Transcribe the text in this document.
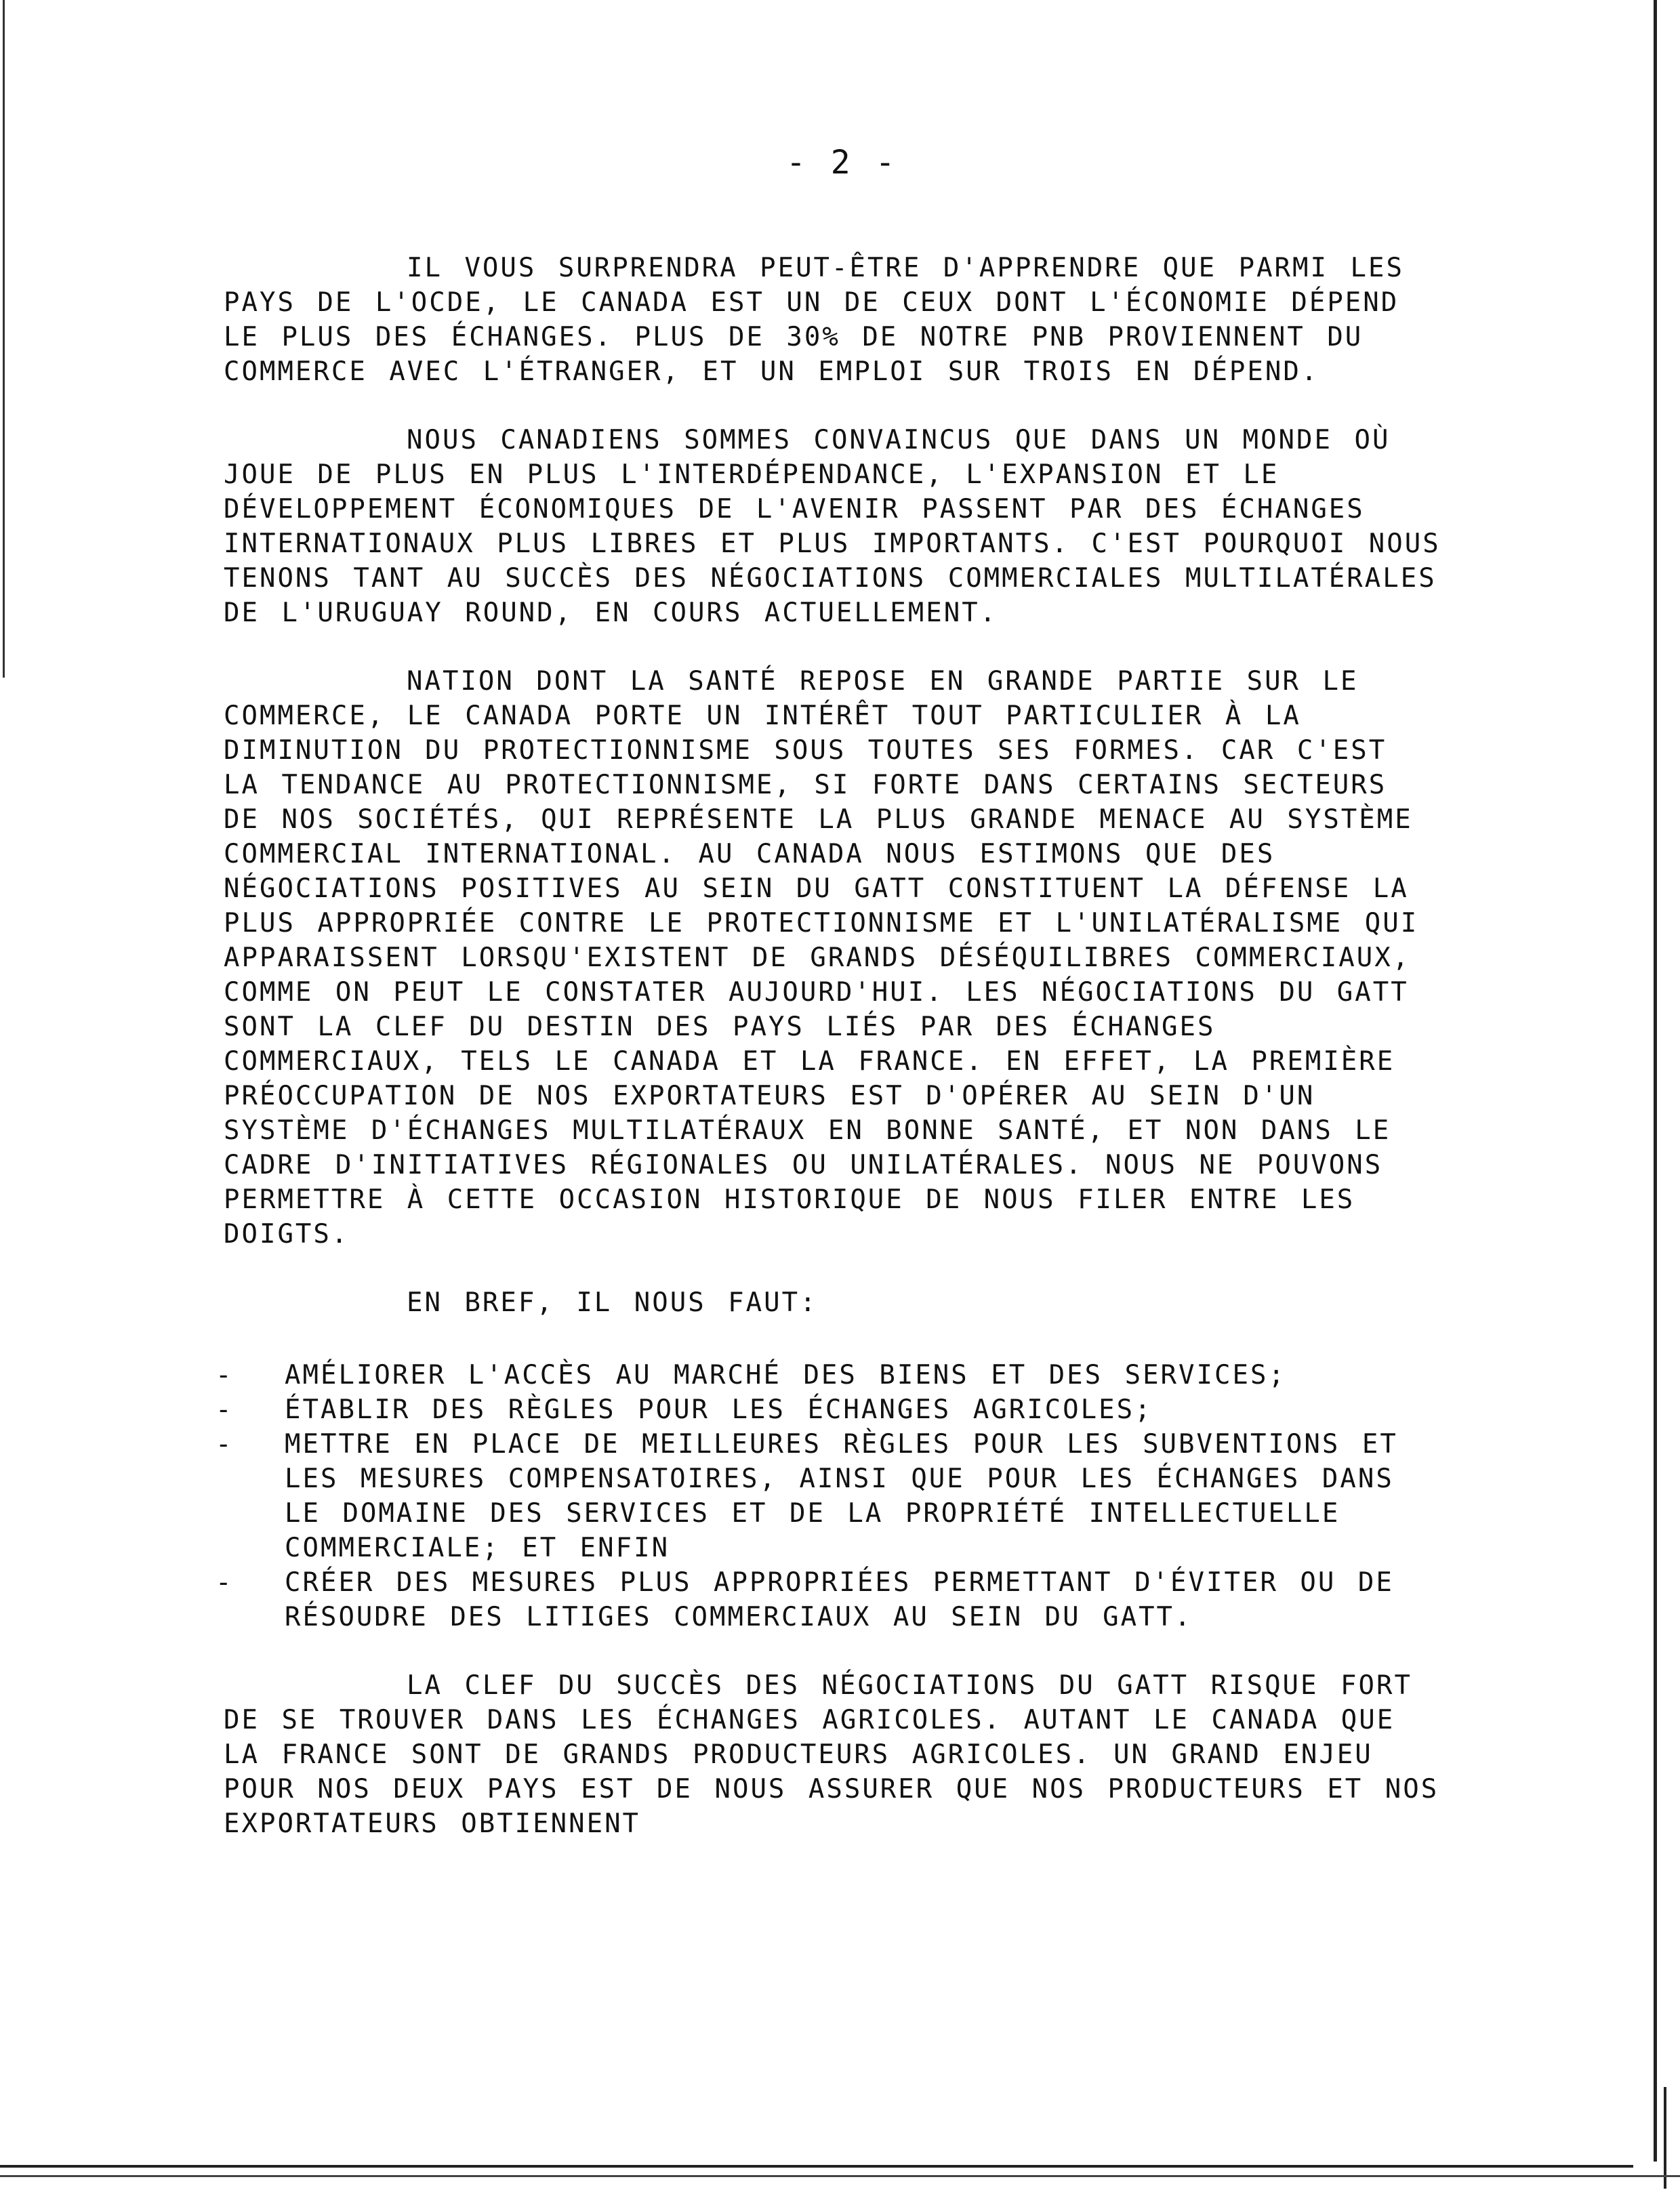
- 2 -

IL VOUS SURPRENDRA PEUT-ÊTRE D'APPRENDRE QUE PARMI LES PAYS DE L'OCDE, LE CANADA EST UN DE CEUX DONT L'ÉCONOMIE DÉPEND LE PLUS DES ÉCHANGES. PLUS DE 30% DE NOTRE PNB PROVIENNENT DU COMMERCE AVEC L'ÉTRANGER, ET UN EMPLOI SUR TROIS EN DÉPEND.

NOUS CANADIENS SOMMES CONVAINCUS QUE DANS UN MONDE OÙ JOUE DE PLUS EN PLUS L'INTERDÉPENDANCE, L'EXPANSION ET LE DÉVELOPPEMENT ÉCONOMIQUES DE L'AVENIR PASSENT PAR DES ÉCHANGES INTERNATIONAUX PLUS LIBRES ET PLUS IMPORTANTS. C'EST POURQUOI NOUS TENONS TANT AU SUCCÈS DES NÉGOCIATIONS COMMERCIALES MULTILATÉRALES DE L'URUGUAY ROUND, EN COURS ACTUELLEMENT.

NATION DONT LA SANTÉ REPOSE EN GRANDE PARTIE SUR LE COMMERCE, LE CANADA PORTE UN INTÉRÊT TOUT PARTICULIER À LA DIMINUTION DU PROTECTIONNISME SOUS TOUTES SES FORMES. CAR C'EST LA TENDANCE AU PROTECTIONNISME, SI FORTE DANS CERTAINS SECTEURS DE NOS SOCIÉTÉS, QUI REPRÉSENTE LA PLUS GRANDE MENACE AU SYSTÈME COMMERCIAL INTERNATIONAL. AU CANADA NOUS ESTIMONS QUE DES NÉGOCIATIONS POSITIVES AU SEIN DU GATT CONSTITUENT LA DÉFENSE LA PLUS APPROPRIÉE CONTRE LE PROTECTIONNISME ET L'UNILATÉRALISME QUI APPARAISSENT LORSQU'EXISTENT DE GRANDS DÉSÉQUILIBRES COMMERCIAUX, COMME ON PEUT LE CONSTATER AUJOURD'HUI. LES NÉGOCIATIONS DU GATT SONT LA CLEF DU DESTIN DES PAYS LIÉS PAR DES ÉCHANGES COMMERCIAUX, TELS LE CANADA ET LA FRANCE. EN EFFET, LA PREMIÈRE PRÉOCCUPATION DE NOS EXPORTATEURS EST D'OPÉRER AU SEIN D'UN SYSTÈME D'ÉCHANGES MULTILATÉRAUX EN BONNE SANTÉ, ET NON DANS LE CADRE D'INITIATIVES RÉGIONALES OU UNILATÉRALES. NOUS NE POUVONS PERMETTRE À CETTE OCCASION HISTORIQUE DE NOUS FILER ENTRE LES DOIGTS.

EN BREF, IL NOUS FAUT:

- AMÉLIORER L'ACCÈS AU MARCHÉ DES BIENS ET DES SERVICES;
- ÉTABLIR DES RÈGLES POUR LES ÉCHANGES AGRICOLES;
- METTRE EN PLACE DE MEILLEURES RÈGLES POUR LES SUBVENTIONS ET LES MESURES COMPENSATOIRES, AINSI QUE POUR LES ÉCHANGES DANS LE DOMAINE DES SERVICES ET DE LA PROPRIÉTÉ INTELLECTUELLE COMMERCIALE; ET ENFIN
- CRÉER DES MESURES PLUS APPROPRIÉES PERMETTANT D'ÉVITER OU DE RÉSOUDRE DES LITIGES COMMERCIAUX AU SEIN DU GATT.

LA CLEF DU SUCCÈS DES NÉGOCIATIONS DU GATT RISQUE FORT DE SE TROUVER DANS LES ÉCHANGES AGRICOLES. AUTANT LE CANADA QUE LA FRANCE SONT DE GRANDS PRODUCTEURS AGRICOLES. UN GRAND ENJEU POUR NOS DEUX PAYS EST DE NOUS ASSURER QUE NOS PRODUCTEURS ET NOS EXPORTATEURS OBTIENNENT
